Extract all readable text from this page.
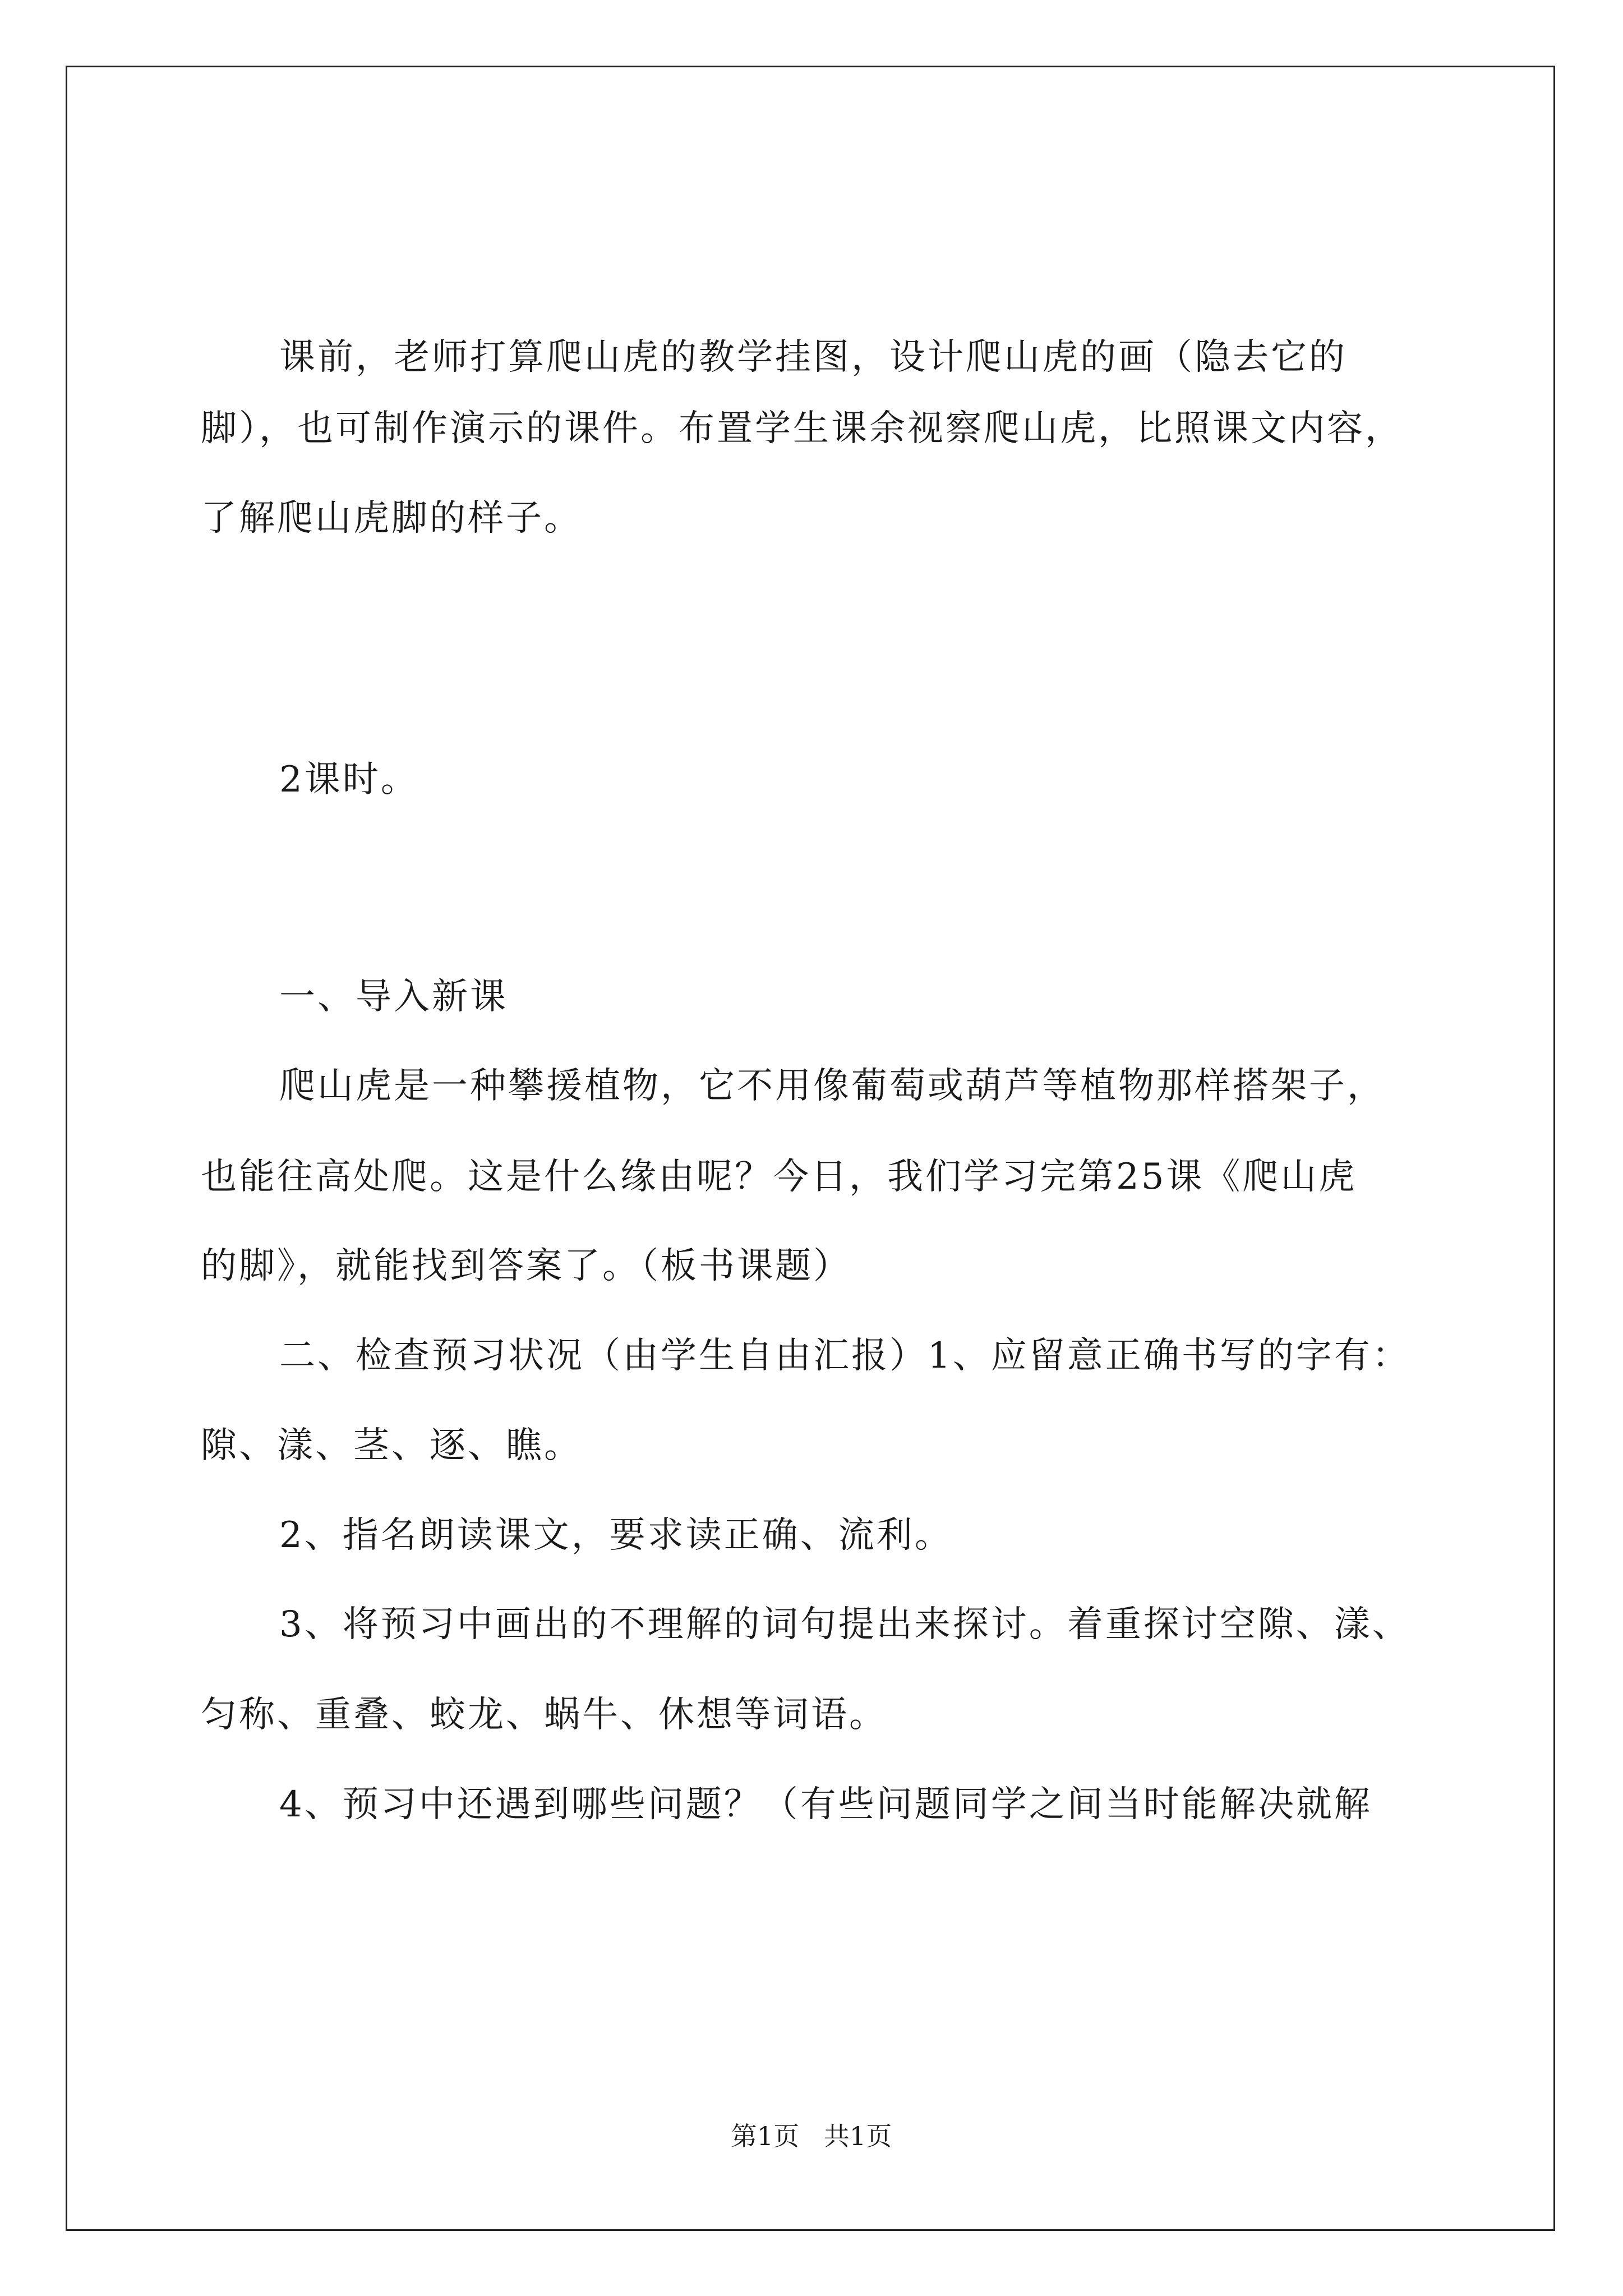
课前，老师打算爬山虎的教学挂图，设计爬山虎的画（隐去它的
脚），也可制作演示的课件。布置学生课余视察爬山虎，比照课文内容，
了解爬山虎脚的样子。
2课时。
一、导入新课
爬山虎是一种攀援植物，它不用像葡萄或葫芦等植物那样搭架子，
也能往高处爬。这是什么缘由呢？今日，我们学习完第25课《爬山虎
的脚》，就能找到答案了。（板书课题）
二、检查预习状况（由学生自由汇报）1、应留意正确书写的字有：
隙、漾、茎、逐、瞧。
2、指名朗读课文，要求读正确、流利。
3、将预习中画出的不理解的词句提出来探讨。着重探讨空隙、漾、
匀称、重叠、蛟龙、蜗牛、休想等词语。
4、预习中还遇到哪些问题？（有些问题同学之间当时能解决就解
第1页   共1页
